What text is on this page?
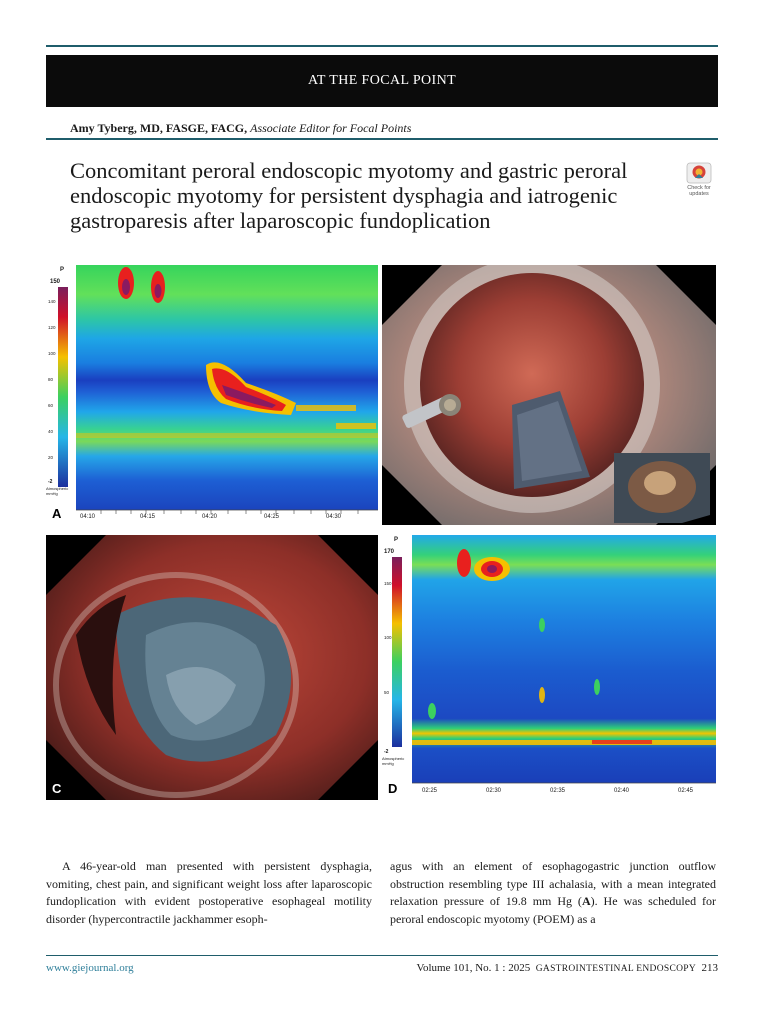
AT THE FOCAL POINT
Amy Tyberg, MD, FASGE, FACG, Associate Editor for Focal Points
Concomitant peroral endoscopic myotomy and gastric peroral endoscopic myotomy for persistent dysphagia and iatrogenic gastroparesis after laparoscopic fundoplication
Check for updates
P
150
140
120
100
80
60
40
20
-2
Atmospheric mmHg
04:10	04:15	04:20	04:25	04:30
A	B
C
P
170
150
100
50
-2
Atmospheric mmHg
02:25	02:30	02:35	02:40	02:45
D

A 46-year-old man presented with persistent dysphagia, vomiting, chest pain, and significant weight loss after laparoscopic fundoplication with evident postoperative esophageal motility disorder (hypercontractile jackhammer esoph-

agus with an element of esophagogastric junction outflow obstruction resembling type III achalasia, with a mean integrated relaxation pressure of 19.8 mm Hg (A). He was scheduled for peroral endoscopic myotomy (POEM) as a

www.giejournal.org	Volume 101, No. 1 : 2025 GASTROINTESTINAL ENDOSCOPY 213
